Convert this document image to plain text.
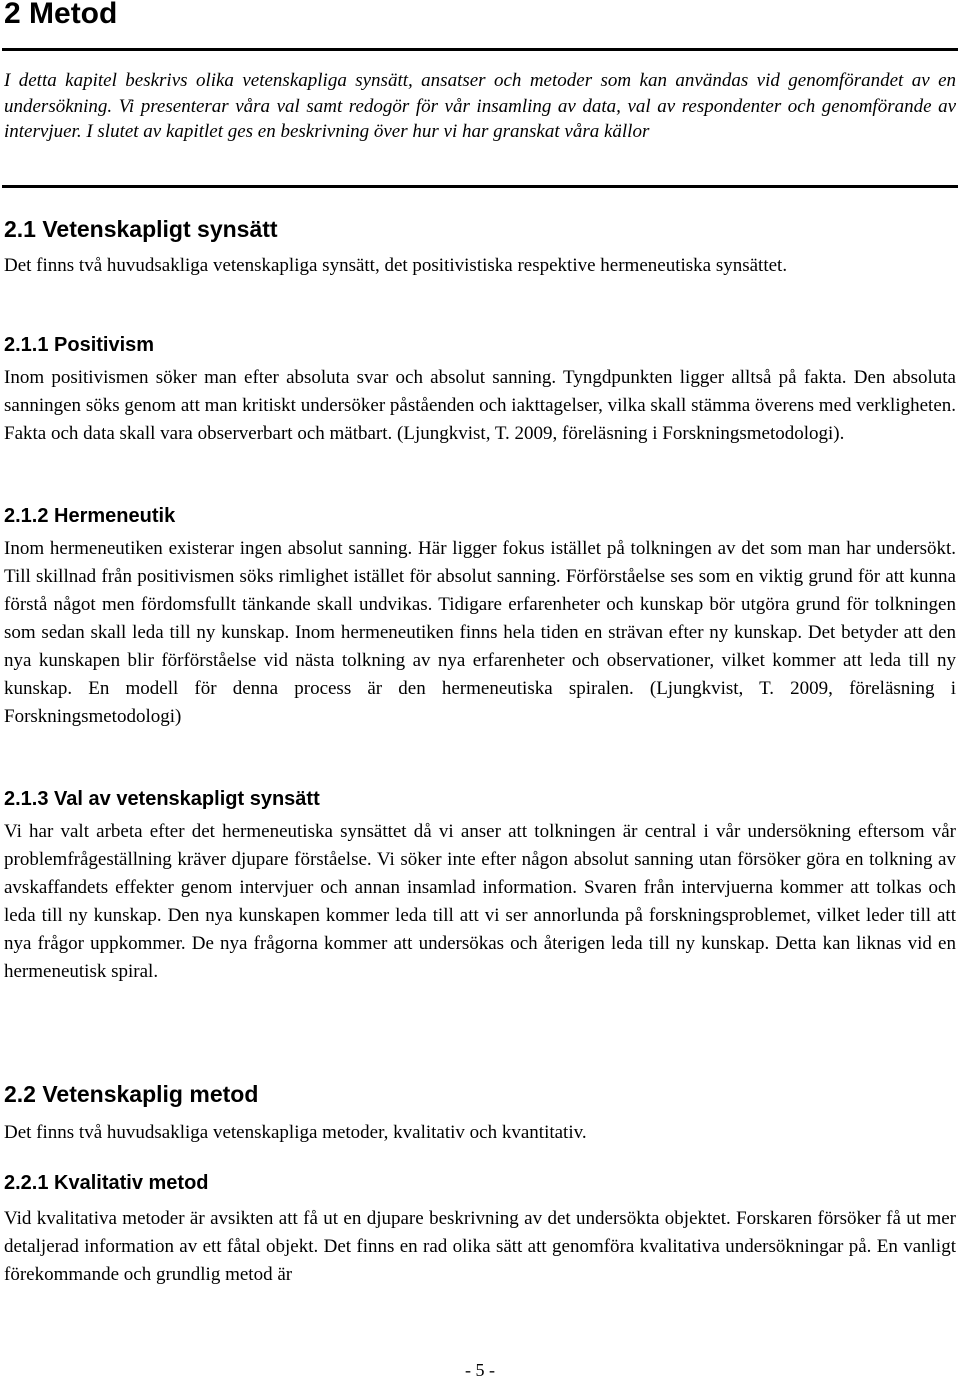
2 Metod

I detta kapitel beskrivs olika vetenskapliga synsätt, ansatser och metoder som kan användas vid genomförandet av en undersökning. Vi presenterar våra val samt redogör för vår insamling av data, val av respondenter och genomförande av intervjuer. I slutet av kapitlet ges en beskrivning över hur vi har granskat våra källor

2.1 Vetenskapligt synsätt

Det finns två huvudsakliga vetenskapliga synsätt, det positivistiska respektive hermeneutiska synsättet.

2.1.1 Positivism

Inom positivismen söker man efter absoluta svar och absolut sanning. Tyngdpunkten ligger alltså på fakta. Den absoluta sanningen söks genom att man kritiskt undersöker påståenden och iakttagelser, vilka skall stämma överens med verkligheten. Fakta och data skall vara observerbart och mätbart. (Ljungkvist, T. 2009, föreläsning i Forskningsmetodologi).

2.1.2 Hermeneutik

Inom hermeneutiken existerar ingen absolut sanning. Här ligger fokus istället på tolkningen av det som man har undersökt. Till skillnad från positivismen söks rimlighet istället för absolut sanning. Förförståelse ses som en viktig grund för att kunna förstå något men fördomsfullt tänkande skall undvikas. Tidigare erfarenheter och kunskap bör utgöra grund för tolkningen som sedan skall leda till ny kunskap. Inom hermeneutiken finns hela tiden en strävan efter ny kunskap. Det betyder att den nya kunskapen blir förförståelse vid nästa tolkning av nya erfarenheter och observationer, vilket kommer att leda till ny kunskap. En modell för denna process är den hermeneutiska spiralen. (Ljungkvist, T. 2009, föreläsning i Forskningsmetodologi)

2.1.3 Val av vetenskapligt synsätt

Vi har valt arbeta efter det hermeneutiska synsättet då vi anser att tolkningen är central i vår undersökning eftersom vår problemfrågeställning kräver djupare förståelse. Vi söker inte efter någon absolut sanning utan försöker göra en tolkning av avskaffandets effekter genom intervjuer och annan insamlad information. Svaren från intervjuerna kommer att tolkas och leda till ny kunskap. Den nya kunskapen kommer leda till att vi ser annorlunda på forskningsproblemet, vilket leder till att nya frågor uppkommer. De nya frågorna kommer att undersökas och återigen leda till ny kunskap. Detta kan liknas vid en hermeneutisk spiral.

2.2 Vetenskaplig metod

Det finns två huvudsakliga vetenskapliga metoder, kvalitativ och kvantitativ.

2.2.1 Kvalitativ metod

Vid kvalitativa metoder är avsikten att få ut en djupare beskrivning av det undersökta objektet. Forskaren försöker få ut mer detaljerad information av ett fåtal objekt. Det finns en rad olika sätt att genomföra kvalitativa undersökningar på. En vanligt förekommande och grundlig metod är

- 5 -
